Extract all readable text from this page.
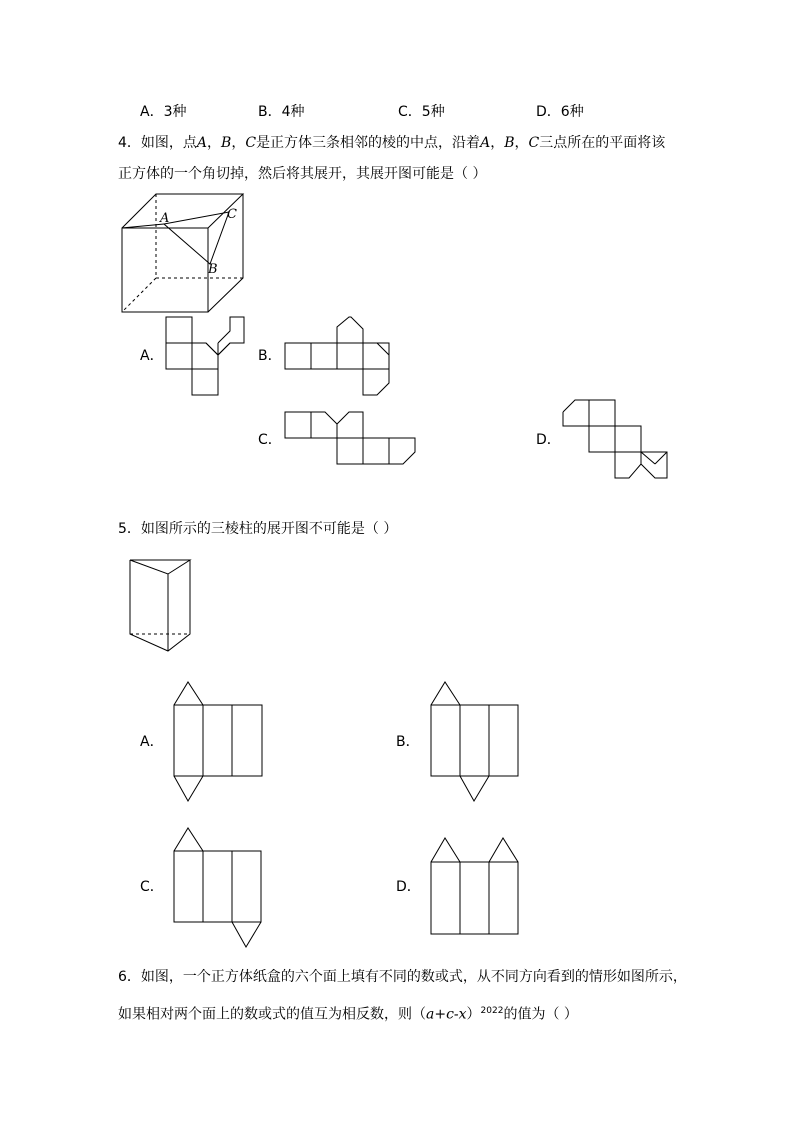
A．3种	B．4种	C．5种	D．6种
4．如图，点A，B，C是正方体三条相邻的棱的中点，沿着A，B，C三点所在的平面将该
正方体的一个角切掉，然后将其展开，其展开图可能是（ ）
A	C
B
A．	B．
C．	D．
5．如图所示的三棱柱的展开图不可能是（ ）
A．	B．
C．	D．
6．如图，一个正方体纸盒的六个面上填有不同的数或式，从不同方向看到的情形如图所示，
如果相对两个面上的数或式的值互为相反数，则$(a+c-x)^{2022}$的值为（ ）
